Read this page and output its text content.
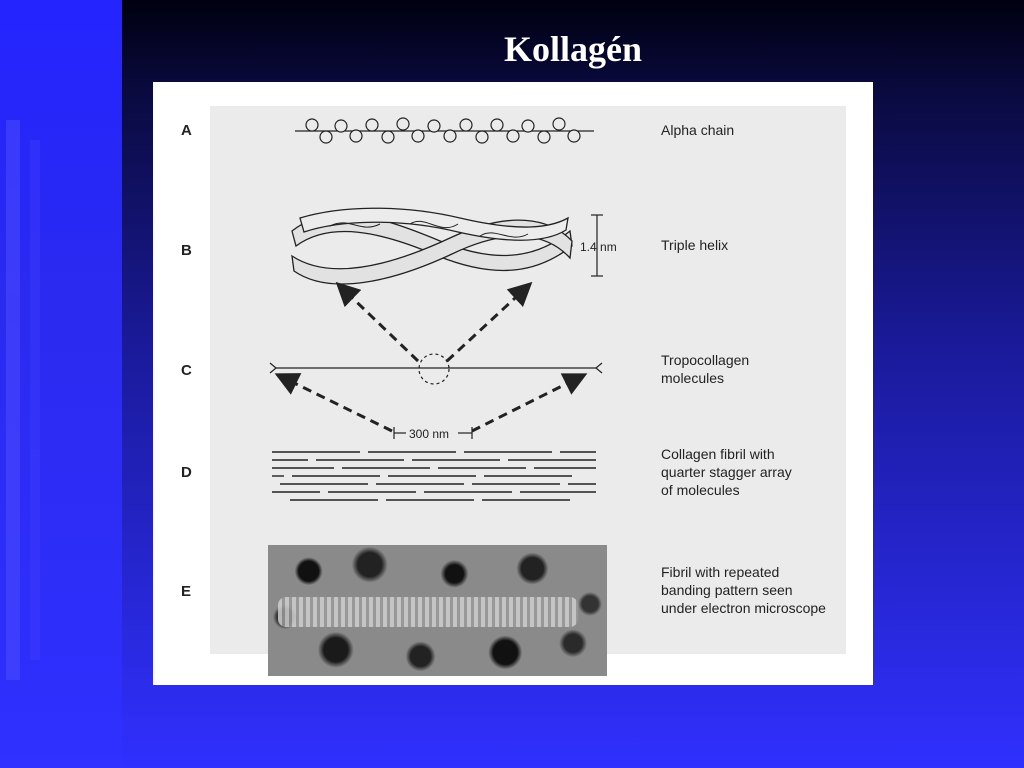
Kollagén
A
B
C
D
E
Alpha chain
Triple helix
Tropocollagen
molecules
Collagen fibril with
quarter stagger array
of molecules
Fibril with repeated
banding pattern seen
under electron microscope
1.4 nm
300 nm
